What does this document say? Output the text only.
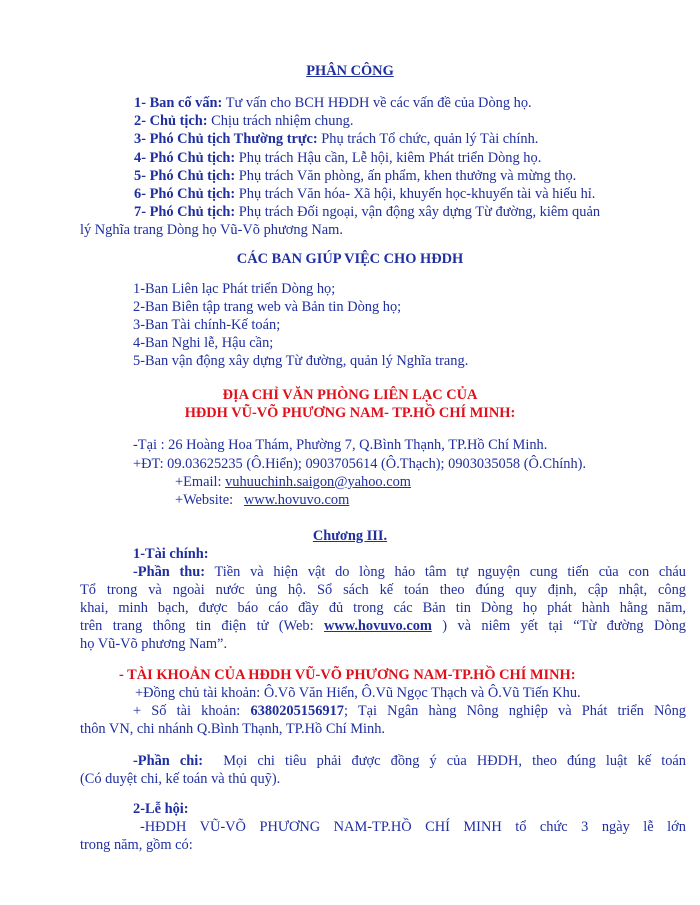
PHÂN CÔNG
1- Ban cố vấn: Tư vấn cho BCH HĐDH về các vấn đề của Dòng họ.
2- Chủ tịch: Chịu trách nhiệm chung.
3- Phó Chủ tịch Thường trực: Phụ trách Tổ chức, quản lý Tài chính.
4- Phó Chủ tịch: Phụ trách Hậu cần, Lễ hội, kiêm Phát triển Dòng họ.
5- Phó Chủ tịch: Phụ trách Văn phòng, ấn phẩm, khen thưởng và mừng thọ.
6- Phó Chủ tịch: Phụ trách Văn hóa- Xã hội, khuyến học-khuyến tài và hiếu hỉ.
7- Phó Chủ tịch: Phụ trách Đối ngoại, vận động xây dựng Từ đường, kiêm quản
lý Nghĩa trang Dòng họ Vũ-Võ phương Nam.
CÁC BAN GIÚP VIỆC CHO HĐDH
1-Ban Liên lạc Phát triển Dòng họ;
2-Ban Biên tập trang web và Bản tin Dòng họ;
3-Ban Tài chính-Kế toán;
4-Ban Nghi lễ, Hậu cần;
5-Ban vận động xây dựng Từ đường, quản lý Nghĩa trang.
ĐỊA CHỈ VĂN PHÒNG LIÊN LẠC CỦA
HĐDH VŨ-VÕ PHƯƠNG NAM- TP.HỒ CHÍ MINH:
-Tại : 26 Hoàng Hoa Thám, Phường 7, Q.Bình Thạnh, TP.Hồ Chí Minh.
+ĐT: 09.03625235 (Ô.Hiển); 0903705614 (Ô.Thạch); 0903035058 (Ô.Chính).
+Email: vuhuuchinh.saigon@yahoo.com
+Website:   www.hovuvo.com
Chương III.
1-Tài chính:
-Phần thu: Tiền và hiện vật do lòng hảo tâm tự nguyện cung tiến của con cháu
Tổ trong và ngoài nước ủng hộ. Sổ sách kế toán theo đúng quy định, cập nhật, công
khai, minh bạch, được báo cáo đầy đủ trong các Bản tin Dòng họ phát hành hằng năm,
trên trang thông tin điện tử (Web: www.hovuvo.com ) và niêm yết tại “Từ đường Dòng
họ Vũ-Võ phương Nam”.
- TÀI KHOẢN CỦA HĐDH VŨ-VÕ PHƯƠNG NAM-TP.HỒ CHÍ MINH:
+Đồng chủ tài khoản: Ô.Võ Văn Hiển, Ô.Vũ Ngọc Thạch và Ô.Vũ Tiến Khu.
+ Số tài khoản: 6380205156917; Tại Ngân hàng Nông nghiệp và Phát triển Nông
thôn VN, chi nhánh Q.Bình Thạnh, TP.Hồ Chí Minh.
-Phần chi:  Mọi chi tiêu phải được đồng ý của HĐDH, theo đúng luật kế toán
(Có duyệt chi, kế toán và thủ quỹ).
2-Lễ hội:
-HĐDH VŨ-VÕ PHƯƠNG NAM-TP.HỒ CHÍ MINH tổ chức 3 ngày lễ lớn
trong năm, gồm có:
